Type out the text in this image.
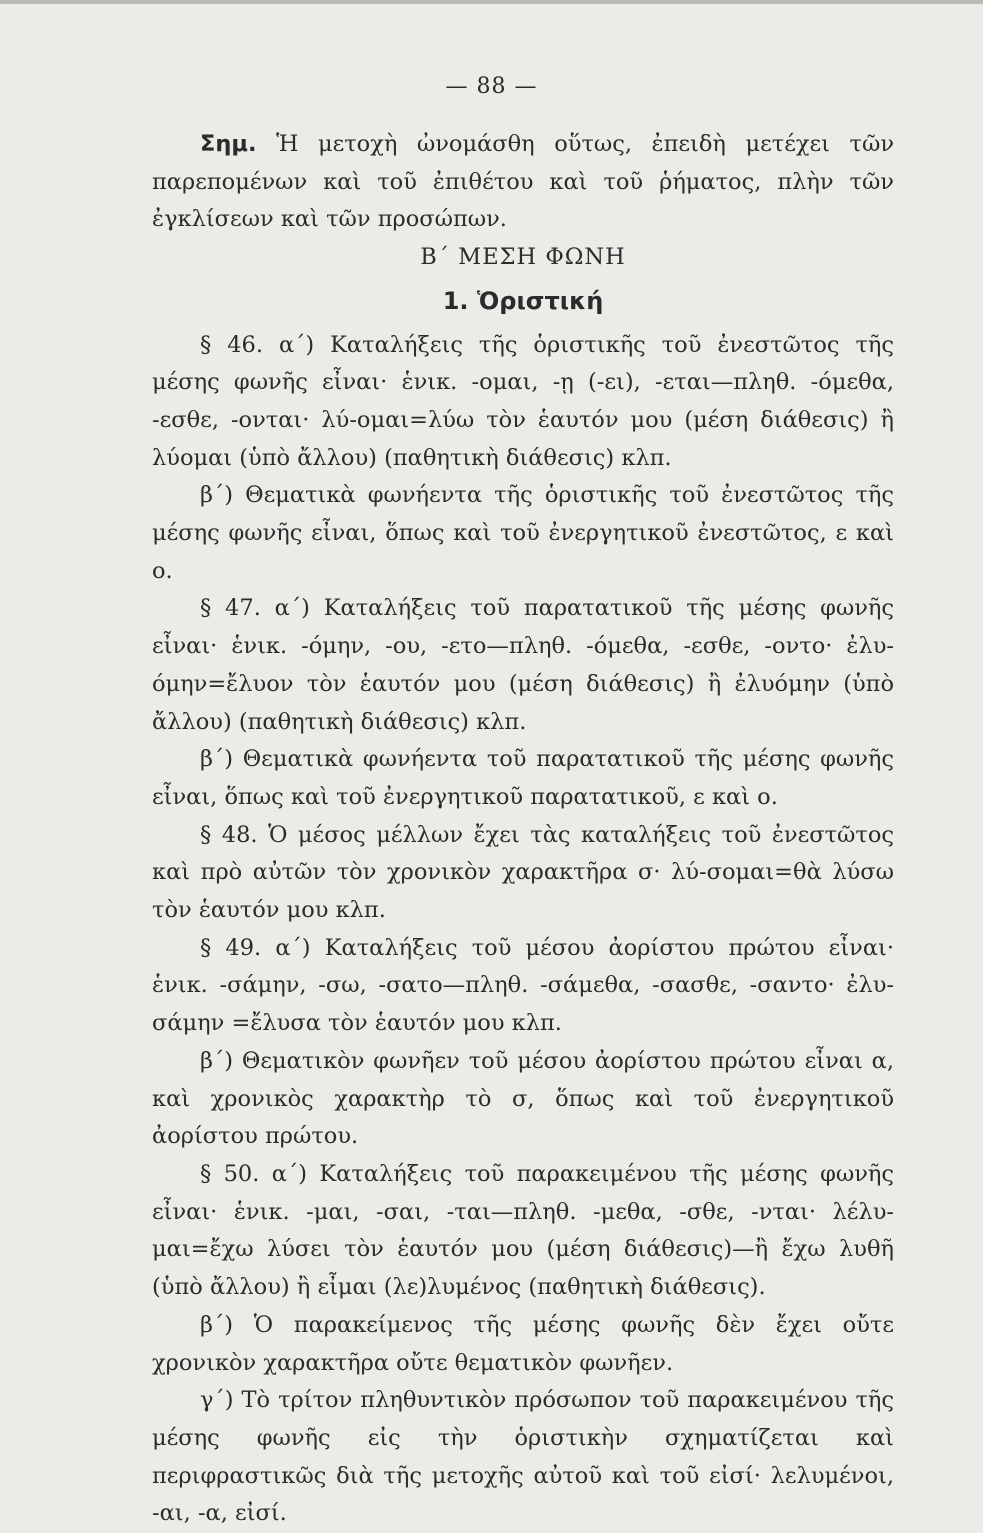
— 88 —

Σημ. Ἡ μετοχὴ ὠνομάσθη οὕτως, ἐπειδὴ μετέχει τῶν παρεπομένων καὶ τοῦ ἐπιθέτου καὶ τοῦ ῥήματος, πλὴν τῶν ἐγκλίσεων καὶ τῶν προσώπων.

Β΄ ΜΕΣΗ ΦΩΝΗ

1. Ὁριστική

§ 46. α΄) Καταλήξεις τῆς ὁριστικῆς τοῦ ἐνεστῶτος τῆς μέσης φωνῆς εἶναι· ἑνικ. -ομαι, -ῃ (-ει), -εται—πληθ. -όμεθα, -εσθε, -ονται· λύ-ομαι=λύω τὸν ἑαυτόν μου (μέση διάθεσις) ἢ λύομαι (ὑπὸ ἄλλου) (παθητικὴ διάθεσις) κλπ.

β΄) Θεματικὰ φωνήεντα τῆς ὁριστικῆς τοῦ ἐνεστῶτος τῆς μέσης φωνῆς εἶναι, ὅπως καὶ τοῦ ἐνεργητικοῦ ἐνεστῶτος, ε καὶ ο.

§ 47. α΄) Καταλήξεις τοῦ παρατατικοῦ τῆς μέσης φωνῆς εἶναι· ἑνικ. -όμην, -ου, -ετο—πληθ. -όμεθα, -εσθε, -οντο· ἐλυ-όμην=ἔλυον τὸν ἑαυτόν μου (μέση διάθεσις) ἢ ἐλυόμην (ὑπὸ ἄλλου) (παθητικὴ διάθεσις) κλπ.

β΄) Θεματικὰ φωνήεντα τοῦ παρατατικοῦ τῆς μέσης φωνῆς εἶναι, ὅπως καὶ τοῦ ἐνεργητικοῦ παρατατικοῦ, ε καὶ ο.

§ 48. Ὁ μέσος μέλλων ἔχει τὰς καταλήξεις τοῦ ἐνεστῶτος καὶ πρὸ αὐτῶν τὸν χρονικὸν χαρακτῆρα σ· λύ-σομαι=θὰ λύσω τὸν ἑαυτόν μου κλπ.

§ 49. α΄) Καταλήξεις τοῦ μέσου ἀορίστου πρώτου εἶναι· ἑνικ. -σάμην, -σω, -σατο—πληθ. -σάμεθα, -σασθε, -σαντο· ἐλυ-σάμην =ἔλυσα τὸν ἑαυτόν μου κλπ.

β΄) Θεματικὸν φωνῆεν τοῦ μέσου ἀορίστου πρώτου εἶναι α, καὶ χρονικὸς χαρακτὴρ τὸ σ, ὅπως καὶ τοῦ ἐνεργητικοῦ ἀορίστου πρώτου.

§ 50. α΄) Καταλήξεις τοῦ παρακειμένου τῆς μέσης φωνῆς εἶναι· ἑνικ. -μαι, -σαι, -ται—πληθ. -μεθα, -σθε, -νται· λέλυ-μαι=ἔχω λύσει τὸν ἑαυτόν μου (μέση διάθεσις)—ἢ ἔχω λυθῆ (ὑπὸ ἄλλου) ἢ εἶμαι (λε)λυμένος (παθητικὴ διάθεσις).

β΄) Ὁ παρακείμενος τῆς μέσης φωνῆς δὲν ἔχει οὔτε χρονικὸν χαρακτῆρα οὔτε θεματικὸν φωνῆεν.

γ΄) Τὸ τρίτον πληθυντικὸν πρόσωπον τοῦ παρακειμένου τῆς μέσης φωνῆς εἰς τὴν ὁριστικὴν σχηματίζεται καὶ περιφραστικῶς διὰ τῆς μετοχῆς αὐτοῦ καὶ τοῦ εἰσί· λελυμένοι, -αι, -α, εἰσί.
